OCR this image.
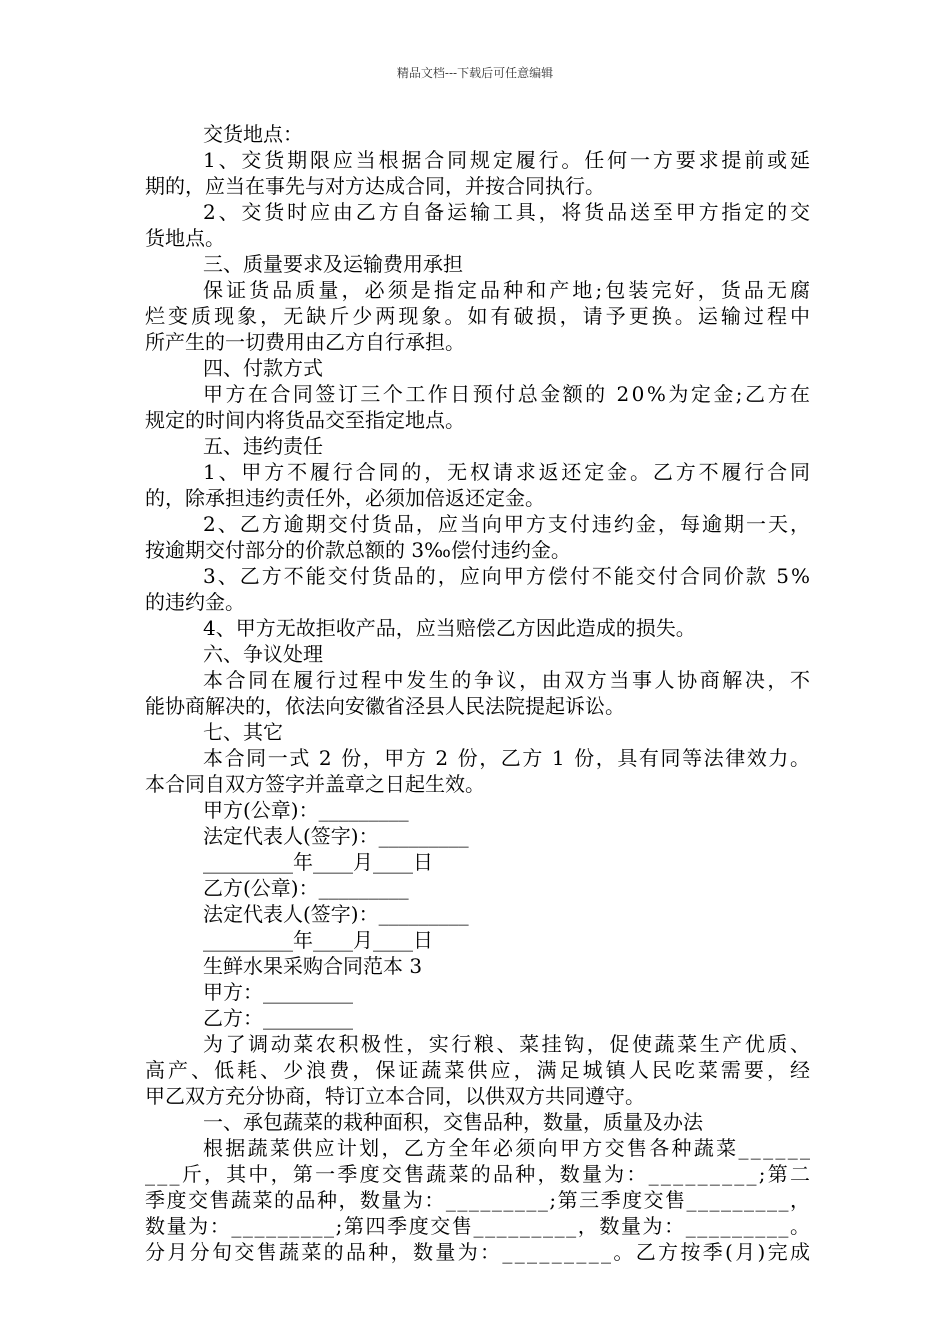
精品文档---下载后可任意编辑
交货地点：
1、交货期限应当根据合同规定履行。任何一方要求提前或延
期的，应当在事先与对方达成合同，并按合同执行。
2、交货时应由乙方自备运输工具，将货品送至甲方指定的交
货地点。
三、质量要求及运输费用承担
保证货品质量，必须是指定品种和产地;包装完好，货品无腐
烂变质现象，无缺斤少两现象。如有破损，请予更换。运输过程中
所产生的一切费用由乙方自行承担。
四、付款方式
甲方在合同签订三个工作日预付总金额的 20%为定金;乙方在
规定的时间内将货品交至指定地点。
五、违约责任
1、甲方不履行合同的，无权请求返还定金。乙方不履行合同
的，除承担违约责任外，必须加倍返还定金。
2、乙方逾期交付货品，应当向甲方支付违约金，每逾期一天，
按逾期交付部分的价款总额的 3‰偿付违约金。
3、乙方不能交付货品的，应向甲方偿付不能交付合同价款 5%
的违约金。
4、甲方无故拒收产品，应当赔偿乙方因此造成的损失。
六、争议处理
本合同在履行过程中发生的争议，由双方当事人协商解决，不
能协商解决的，依法向安徽省泾县人民法院提起诉讼。
七、其它
本合同一式 2 份，甲方 2 份，乙方 1 份，具有同等法律效力。
本合同自双方签字并盖章之日起生效。
甲方(公章)：_________
法定代表人(签字)：_________
_________年____月____日
乙方(公章)：_________
法定代表人(签字)：_________
_________年____月____日
生鲜水果采购合同范本 3
甲方：_________
乙方：_________
为了调动菜农积极性，实行粮、菜挂钩，促使蔬菜生产优质、
高产、低耗、少浪费，保证蔬菜供应，满足城镇人民吃菜需要，经
甲乙双方充分协商，特订立本合同，以供双方共同遵守。
一、承包蔬菜的栽种面积，交售品种，数量，质量及办法
根据蔬菜供应计划，乙方全年必须向甲方交售各种蔬菜______
___斤，其中，第一季度交售蔬菜的品种，数量为：_________;第二
季度交售蔬菜的品种，数量为：_________;第三季度交售_________，
数量为：_________;第四季度交售_________，数量为：_________。
分月分旬交售蔬菜的品种，数量为：_________。乙方按季(月)完成
